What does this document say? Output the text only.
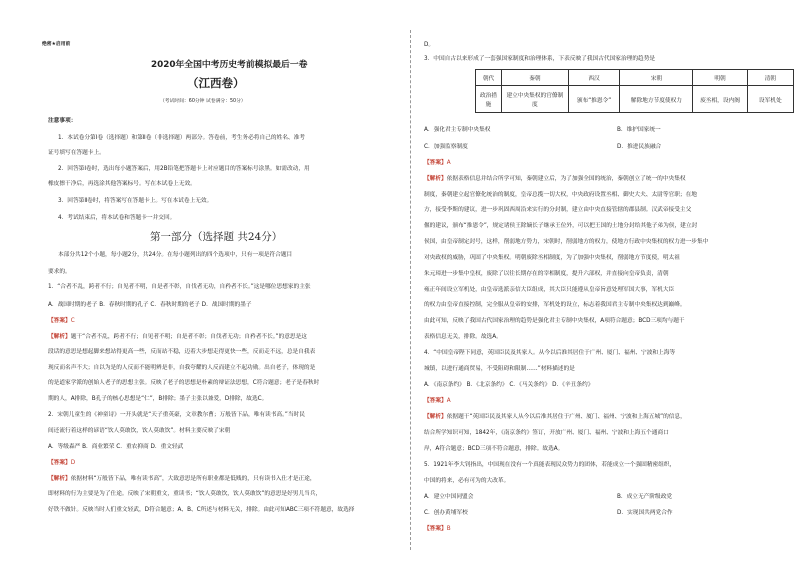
绝密★启用前
2020年全国中考历史考前模拟最后一卷
（江西卷）
（考试时间：60分钟 试卷满分：50分）
注意事项：
1．本试卷分第Ⅰ卷（选择题）和第Ⅱ卷（非选择题）两部分。答卷前，考生务必将自己的姓名、准考
证号填写在答题卡上。
2．回答第Ⅰ卷时，选出每小题答案后，用2B铅笔把答题卡上对应题目的答案标号涂黑。如需改动，用
橡皮擦干净后，再选涂其他答案标号。写在本试卷上无效。
3．回答第Ⅱ卷时，将答案写在答题卡上。写在本试卷上无效。
4．考试结束后，将本试卷和答题卡一并交回。
第一部分（选择题 共24分）
本部分共12个小题，每小题2分，共24分。在每小题列出的四个选项中，只有一项是符合题目
要求的。
1．“合者不乱，跨者不行；自见者不明，自是者不彰，自伐者无功，自矜者不长。”这是哪位思想家的主张
A．战国时期的老子 B．春秋时期的孔子 C．春秋时期的老子 D．战国时期的墨子
【答案】C
【解析】题干“合者不乱，跨者不行；自见者不明；自是者不彰；自伐者无功；自矜者不长。”的意思是这
段话的意思是想起脚来想站得更高一些，反而站不稳，迈着大步想走得更快一些，反而走不远，总是自我表
现反而名声不大；自以为是的人反而不能明辨是非，自我夸耀的人反而建立不起功勋。出自老子，体现的是
的是道家学派的创始人老子的思想主张。反映了老子的思想是朴素的辩证法思想，C符合题意；老子是春秋时
期的人，A排除，B孔子的核心思想是“仁”，B排除；墨子主张以兼爱，D排除，故选C。
2．宋朝儿童生的《神童诗》一开头就是“天子重英豪，文章教尔曹；万般皆下品，唯有读书高。”当时民
间还流行着这样的谚语“饮人莫敢饮，饮人莫敢饮”。材料主要反映了宋朝
A．等级森严 B．商业繁荣 C．重农抑商 D．重文轻武
【答案】D
【解析】依据材料“万般皆下品，唯有读书高”，大致意思是所有职业都是低贱的，只有读书入仕才是正途，
即材料的行为主要是为了仕途。反映了宋朝重文，重读书；“饮人莫敢饮，饮人莫敢饮”的意思是好男儿当兵，
好铁不做针。反映当时人们重文轻武，D符合题意；A、B、C所述与材料无关，排除。由此可知ABC三项不符题意，故选择
D。
3．中国自古以来形成了一套强国家制度和治理体系，下表反映了我国古代国家治理的趋势是
朝代	秦朝	西汉	宋朝	明朝	清朝
政治措施	建立中央集权的官僚制度	颁布“推恩令”	解除地方节度使权力	废丞相，设内阁	设军机处
A．强化君主专制中央集权	B．维护国家统一
C．加强监察制度	D．推进民族融合
【答案】A
【解析】依据表格信息并结合所学可知，秦朝建立后，为了加强全国的统治，秦朝创立了统一的中央集权
制度，秦朝建立起官僚化统治的制度，皇帝总揽一切大权，中央政府设置丞相、御史大夫、太尉等官职；在地
方，接受李斯的建议，进一步巩固西周沿来实行的分封制，建立由中央直接管辖的郡县制。汉武帝接受主父
偃的建议，颁布“推恩令”，规定诸侯王除嫡长子继承王位外，可以把王国的土地分封给其他子弟为侯，建立封
侯国，由皇帝制定封号，这样，削弱地方势力，宋朝时，削弱地方的权力，使地方行政中央集权的权力进一步集中
对央政权的威胁，巩固了中央集权。明朝废除丞相制度，为了加强中央集权，削弱地方节度使，明太祖
朱元璋进一步集中皇权，废除了以往长期存在的宰相制度，提升六部权，并直接向皇帝负责，清朝
雍正年间设立军机处，由皇帝选派亲信大臣组成，其大臣只能遵从皇帝旨意处理军国大事，军机大臣
的权力由皇帝直接控制，完全服从皇帝的安排，军机处的设立，标志着我国君主专制中央集权达到巅峰。
由此可知，反映了我国古代国家治理的趋势是强化君主专制中央集权，A项符合题意；BCD三项均与题干
表格信息无关，排除。故选A。
4．“中国皇帝陛下同意，英国臣民及其家人。从今以后准其居住于广州、厦门、福州、宁波和上海等
城镇，以进行通商贸易，不受阻碍和限制……”材料描述的是
A．《南京条约》 B．《北京条约》 C．《马关条约》 D．《辛丑条约》
【答案】A
【解析】依据题干“英国臣民及其家人从今以后准其居住于广州、厦门、福州、宁波和上海五城”的信息，
结合所学知识可知，1842年，《南京条约》签订，开放广州、厦门、福州、宁波和上海五个通商口
岸，A符合题意；BCD三项不符合题意，排除。故选A。
5．1921年李大钊指出，中国现在没有一个真能表现民众势力的团体，若能成立一个强固精密组织，
中国的将来，必有可为的大改革。
A．建立中国同盟会	B．成立无产阶级政党
C．创办黄埔军校	D．实现国共两党合作
【答案】B
